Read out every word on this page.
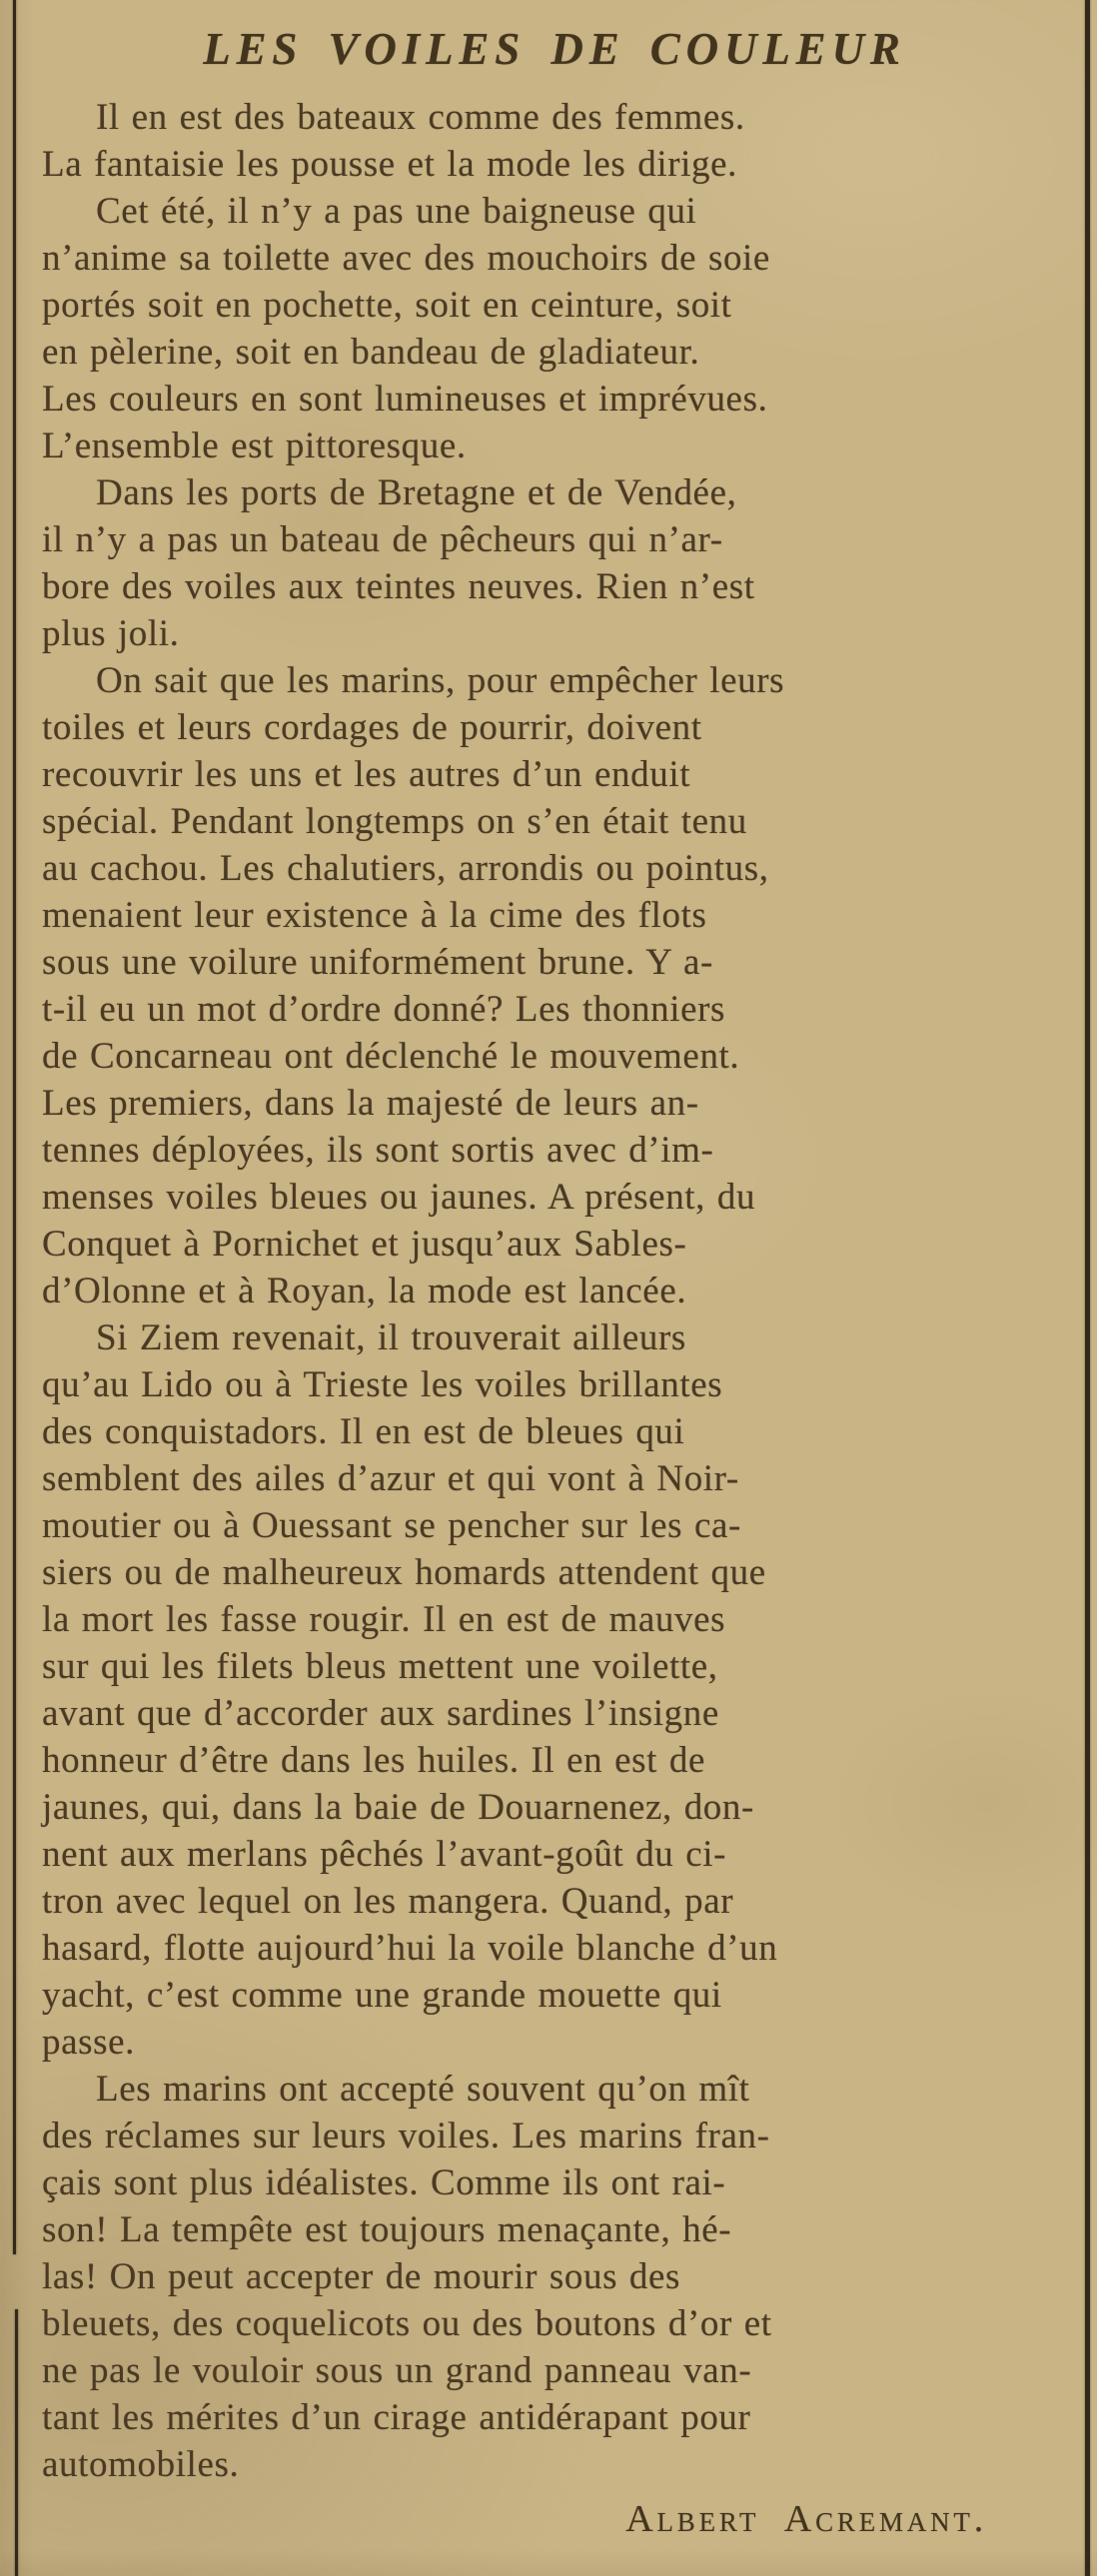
LES VOILES DE COULEUR
Il en est des bateaux comme des femmes.
La fantaisie les pousse et la mode les dirige.
Cet été, il n’y a pas une baigneuse qui
n’anime sa toilette avec des mouchoirs de soie
portés soit en pochette, soit en ceinture, soit
en pèlerine, soit en bandeau de gladiateur.
Les couleurs en sont lumineuses et imprévues.
L’ensemble est pittoresque.
Dans les ports de Bretagne et de Vendée,
il n’y a pas un bateau de pêcheurs qui n’ar-
bore des voiles aux teintes neuves. Rien n’est
plus joli.
On sait que les marins, pour empêcher leurs
toiles et leurs cordages de pourrir, doivent
recouvrir les uns et les autres d’un enduit
spécial. Pendant longtemps on s’en était tenu
au cachou. Les chalutiers, arrondis ou pointus,
menaient leur existence à la cime des flots
sous une voilure uniformément brune. Y a-
t-il eu un mot d’ordre donné? Les thonniers
de Concarneau ont déclenché le mouvement.
Les premiers, dans la majesté de leurs an-
tennes déployées, ils sont sortis avec d’im-
menses voiles bleues ou jaunes. A présent, du
Conquet à Pornichet et jusqu’aux Sables-
d’Olonne et à Royan, la mode est lancée.
Si Ziem revenait, il trouverait ailleurs
qu’au Lido ou à Trieste les voiles brillantes
des conquistadors. Il en est de bleues qui
semblent des ailes d’azur et qui vont à Noir-
moutier ou à Ouessant se pencher sur les ca-
siers ou de malheureux homards attendent que
la mort les fasse rougir. Il en est de mauves
sur qui les filets bleus mettent une voilette,
avant que d’accorder aux sardines l’insigne
honneur d’être dans les huiles. Il en est de
jaunes, qui, dans la baie de Douarnenez, don-
nent aux merlans pêchés l’avant-goût du ci-
tron avec lequel on les mangera. Quand, par
hasard, flotte aujourd’hui la voile blanche d’un
yacht, c’est comme une grande mouette qui
passe.
Les marins ont accepté souvent qu’on mît
des réclames sur leurs voiles. Les marins fran-
çais sont plus idéalistes. Comme ils ont rai-
son! La tempête est toujours menaçante, hé-
las! On peut accepter de mourir sous des
bleuets, des coquelicots ou des boutons d’or et
ne pas le vouloir sous un grand panneau van-
tant les mérites d’un cirage antidérapant pour
automobiles.
Albert Acremant.
